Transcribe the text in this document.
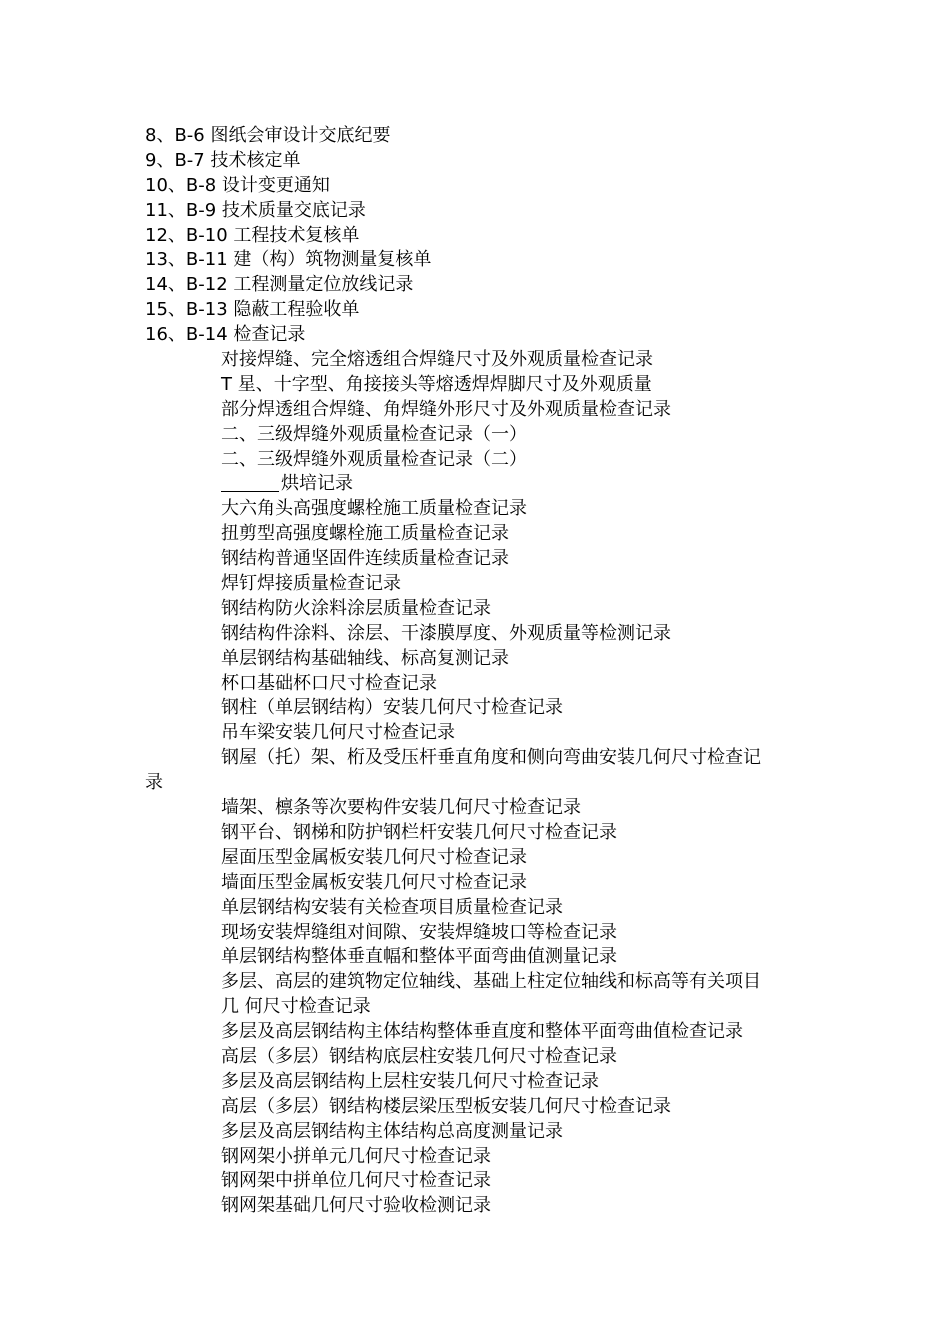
8、B-6 图纸会审设计交底纪要
9、B-7 技术核定单
10、B-8 设计变更通知
11、B-9 技术质量交底记录
12、B-10 工程技术复核单
13、B-11 建（构）筑物测量复核单
14、B-12 工程测量定位放线记录
15、B-13 隐蔽工程验收单
16、B-14 检查记录
对接焊缝、完全熔透组合焊缝尺寸及外观质量检查记录
T 星、十字型、角接接头等熔透焊焊脚尺寸及外观质量
部分焊透组合焊缝、角焊缝外形尺寸及外观质量检查记录
二、三级焊缝外观质量检查记录（一）
二、三级焊缝外观质量检查记录（二）
烘培记录
大六角头高强度螺栓施工质量检查记录
扭剪型高强度螺栓施工质量检查记录
钢结构普通坚固件连续质量检查记录
焊钉焊接质量检查记录
钢结构防火涂料涂层质量检查记录
钢结构件涂料、涂层、干漆膜厚度、外观质量等检测记录
单层钢结构基础轴线、标高复测记录
杯口基础杯口尺寸检查记录
钢柱（单层钢结构）安装几何尺寸检查记录
吊车梁安装几何尺寸检查记录
钢屋（托）架、桁及受压杆垂直角度和侧向弯曲安装几何尺寸检查记
录
墙架、檩条等次要构件安装几何尺寸检查记录
钢平台、钢梯和防护钢栏杆安装几何尺寸检查记录
屋面压型金属板安装几何尺寸检查记录
墙面压型金属板安装几何尺寸检查记录
单层钢结构安装有关检查项目质量检查记录
现场安装焊缝组对间隙、安装焊缝坡口等检查记录
单层钢结构整体垂直幅和整体平面弯曲值测量记录
多层、高层的建筑物定位轴线、基础上柱定位轴线和标高等有关项目
几 何尺寸检查记录
多层及高层钢结构主体结构整体垂直度和整体平面弯曲值检查记录
高层（多层）钢结构底层柱安装几何尺寸检查记录
多层及高层钢结构上层柱安装几何尺寸检查记录
高层（多层）钢结构楼层梁压型板安装几何尺寸检查记录
多层及高层钢结构主体结构总高度测量记录
钢网架小拼单元几何尺寸检查记录
钢网架中拼单位几何尺寸检查记录
钢网架基础几何尺寸验收检测记录
